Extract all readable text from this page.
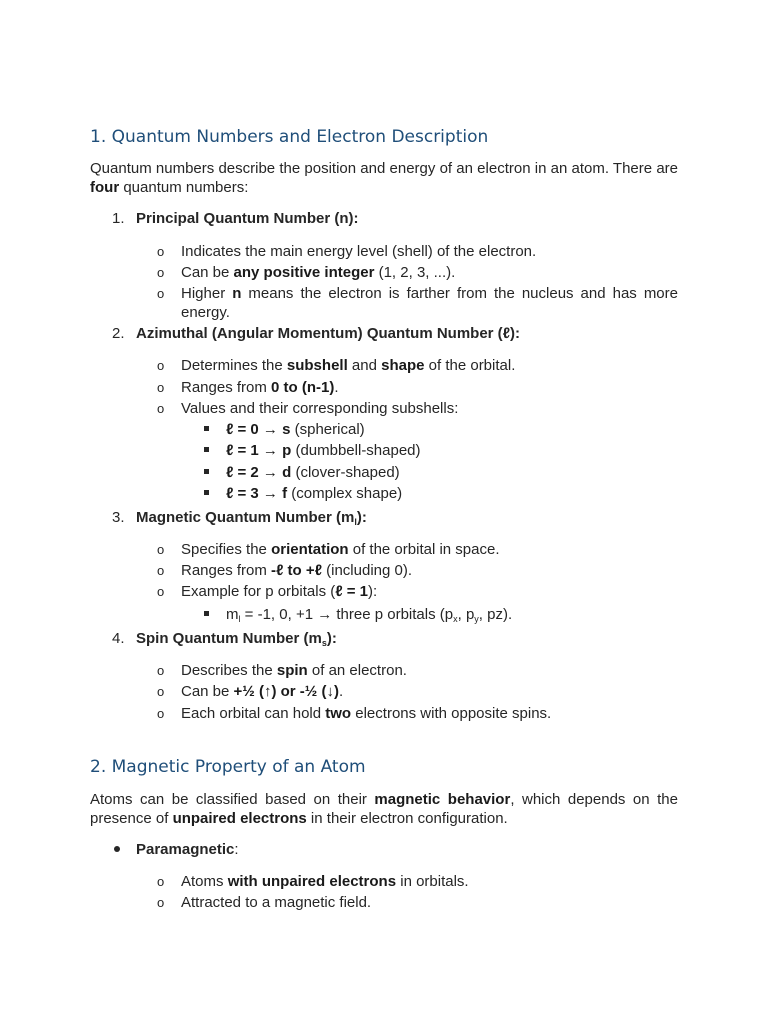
1. Quantum Numbers and Electron Description
Quantum numbers describe the position and energy of an electron in an atom. There are four quantum numbers:
1. Principal Quantum Number (n):
o Indicates the main energy level (shell) of the electron.
o Can be any positive integer (1, 2, 3, ...).
o Higher n means the electron is farther from the nucleus and has more energy.
2. Azimuthal (Angular Momentum) Quantum Number (ℓ):
o Determines the subshell and shape of the orbital.
o Ranges from 0 to (n-1).
o Values and their corresponding subshells:
ℓ = 0 → s (spherical)
ℓ = 1 → p (dumbbell-shaped)
ℓ = 2 → d (clover-shaped)
ℓ = 3 → f (complex shape)
3. Magnetic Quantum Number $(m_l)$:
o Specifies the orientation of the orbital in space.
o Ranges from -ℓ to +ℓ (including 0).
o Example for p orbitals (ℓ = 1):
$m_l = -1$, 0, +1 → three p orbitals ($p_x$, $p_y$, pz).
4. Spin Quantum Number $(m_s)$:
o Describes the spin of an electron.
o Can be +½ (↑) or -½ (↓).
o Each orbital can hold two electrons with opposite spins.
2. Magnetic Property of an Atom
Atoms can be classified based on their magnetic behavior, which depends on the presence of unpaired electrons in their electron configuration.
Paramagnetic:
o Atoms with unpaired electrons in orbitals.
o Attracted to a magnetic field.
